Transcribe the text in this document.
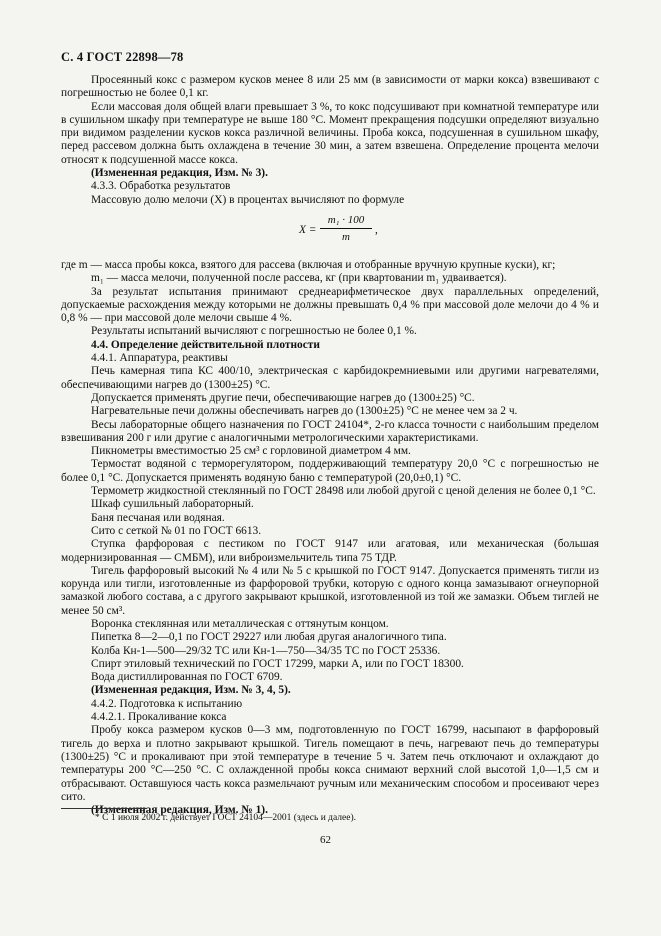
С. 4 ГОСТ 22898—78

Просеянный кокс с размером кусков менее 8 или 25 мм (в зависимости от марки кокса) взвешивают с погрешностью не более 0,1 кг.

Если массовая доля общей влаги превышает 3 %, то кокс подсушивают при комнатной температуре или в сушильном шкафу при температуре не выше 180 °С. Момент прекращения подсушки определяют визуально при видимом разделении кусков кокса различной величины. Проба кокса, подсушенная в сушильном шкафу, перед рассевом должна быть охлаждена в течение 30 мин, а затем взвешена. Определение процента мелочи относят к подсушенной массе кокса.

(Измененная редакция, Изм. № 3).

4.3.3. Обработка результатов

Массовую долю мелочи (X) в процентах вычисляют по формуле

$X = \frac{\text{m₁ · 100}}{m}$ ,

где m — масса пробы кокса, взятого для рассева (включая и отобранные вручную крупные куски), кг;

m₁ — масса мелочи, полученной после рассева, кг (при квартовании m₁ удваивается).

За результат испытания принимают среднеарифметическое двух параллельных определений, допускаемые расхождения между которыми не должны превышать 0,4 % при массовой доле мелочи до 4 % и 0,8 % — при массовой доле мелочи свыше 4 %.

Результаты испытаний вычисляют с погрешностью не более 0,1 %.

4.4. Определение действительной плотности

4.4.1. Аппаратура, реактивы

Печь камерная типа КС 400/10, электрическая с карбидокремниевыми или другими нагревателями, обеспечивающими нагрев до (1300±25) °С.

Допускается применять другие печи, обеспечивающие нагрев до (1300±25) °С.

Нагревательные печи должны обеспечивать нагрев до (1300±25) °С не менее чем за 2 ч.

Весы лабораторные общего назначения по ГОСТ 24104*, 2-го класса точности с наибольшим пределом взвешивания 200 г или другие с аналогичными метрологическими характеристиками.

Пикнометры вместимостью 25 см³ с горловиной диаметром 4 мм.

Термостат водяной с терморегулятором, поддерживающий температуру 20,0 °С с погрешностью не более 0,1 °С. Допускается применять водяную баню с температурой (20,0±0,1) °С.

Термометр жидкостной стеклянный по ГОСТ 28498 или любой другой с ценой деления не более 0,1 °С.

Шкаф сушильный лабораторный.

Баня песчаная или водяная.

Сито с сеткой № 01 по ГОСТ 6613.

Ступка фарфоровая с пестиком по ГОСТ 9147 или агатовая, или механическая (большая модернизированная — СМБМ), или виброизмельчитель типа 75 ТДР.

Тигель фарфоровый высокий № 4 или № 5 с крышкой по ГОСТ 9147. Допускается применять тигли из корунда или тигли, изготовленные из фарфоровой трубки, которую с одного конца замазывают огнеупорной замазкой любого состава, а с другого закрывают крышкой, изготовленной из той же замазки. Объем тиглей не менее 50 см³.

Воронка стеклянная или металлическая с оттянутым концом.

Пипетка 8—2—0,1 по ГОСТ 29227 или любая другая аналогичного типа.

Колба Кн-1—500—29/32 ТС или Кн-1—750—34/35 ТС по ГОСТ 25336.

Спирт этиловый технический по ГОСТ 17299, марки А, или по ГОСТ 18300.

Вода дистиллированная по ГОСТ 6709.

(Измененная редакция, Изм. № 3, 4, 5).

4.4.2. Подготовка к испытанию

4.4.2.1. Прокаливание кокса

Пробу кокса размером кусков 0—3 мм, подготовленную по ГОСТ 16799, насыпают в фарфоровый тигель до верха и плотно закрывают крышкой. Тигель помещают в печь, нагревают печь до температуры (1300±25) °С и прокаливают при этой температуре в течение 5 ч. Затем печь отключают и охлаждают до температуры 200 °С—250 °С. С охлажденной пробы кокса снимают верхний слой высотой 1,0—1,5 см и отбрасывают. Оставшуюся часть кокса размельчают ручным или механическим способом и просеивают через сито.

(Измененная редакция, Изм. № 1).

* С 1 июля 2002 г. действует ГОСТ 24104—2001 (здесь и далее).
62
